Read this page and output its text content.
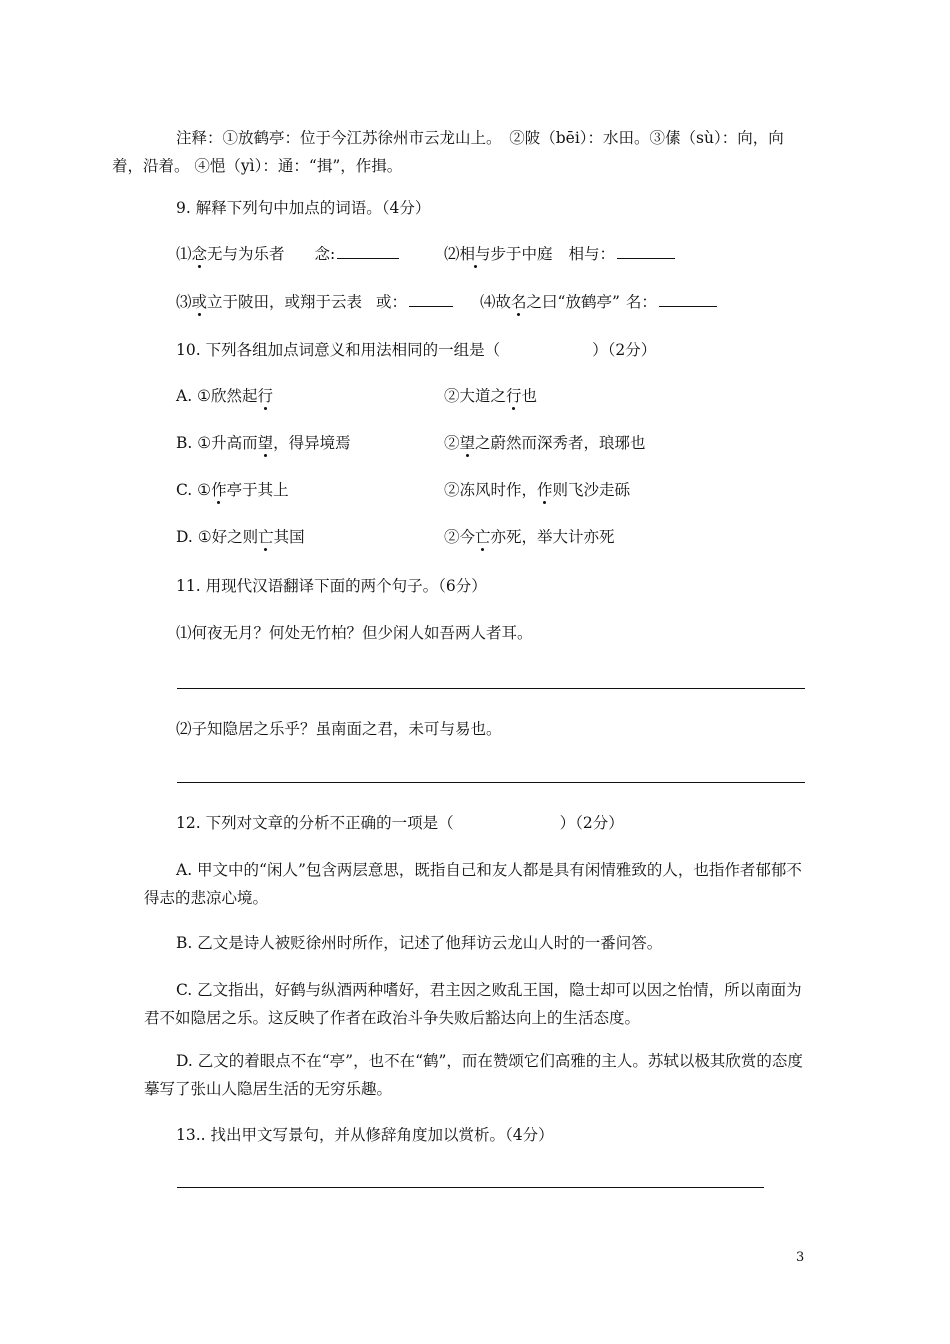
注释：①放鹤亭：位于今江苏徐州市云龙山上。　②陂（bēi）：水田。③傃（sù）：向，向
着，沿着。 ④悒（yì）：通：“揖”，作揖。
9. 解释下列句中加点的词语。（4分）
⑴念无与为乐者 念:	⑵相与步于中庭 相与：
⑶或立于陂田，或翔于云表 或：	⑷故名之曰“放鹤亭” 名：
10. 下列各组加点词意义和用法相同的一组是（	）（2分）
A. ①欣然起行	②大道之行也
B. ①升高而望，得异境焉	②望之蔚然而深秀者，琅琊也
C. ①作亭于其上	②冻风时作，作则飞沙走砾
D. ①好之则亡其国	②今亡亦死，举大计亦死
11. 用现代汉语翻译下面的两个句子。（6分）
⑴何夜无月？何处无竹柏？但少闲人如吾两人者耳。
⑵子知隐居之乐乎？虽南面之君，未可与易也。
12. 下列对文章的分析不正确的一项是（	）（2分）
A. 甲文中的“闲人”包含两层意思，既指自己和友人都是具有闲情雅致的人，也指作者郁郁不得志的悲凉心境。
B. 乙文是诗人被贬徐州时所作，记述了他拜访云龙山人时的一番问答。
C. 乙文指出，好鹤与纵酒两种嗜好，君主因之败乱王国，隐士却可以因之怡情，所以南面为君不如隐居之乐。这反映了作者在政治斗争失败后豁达向上的生活态度。
D. 乙文的着眼点不在“亭”，也不在“鹤”，而在赞颂它们高雅的主人。苏轼以极其欣赏的态度摹写了张山人隐居生活的无穷乐趣。
13.. 找出甲文写景句，并从修辞角度加以赏析。（4分）
3
